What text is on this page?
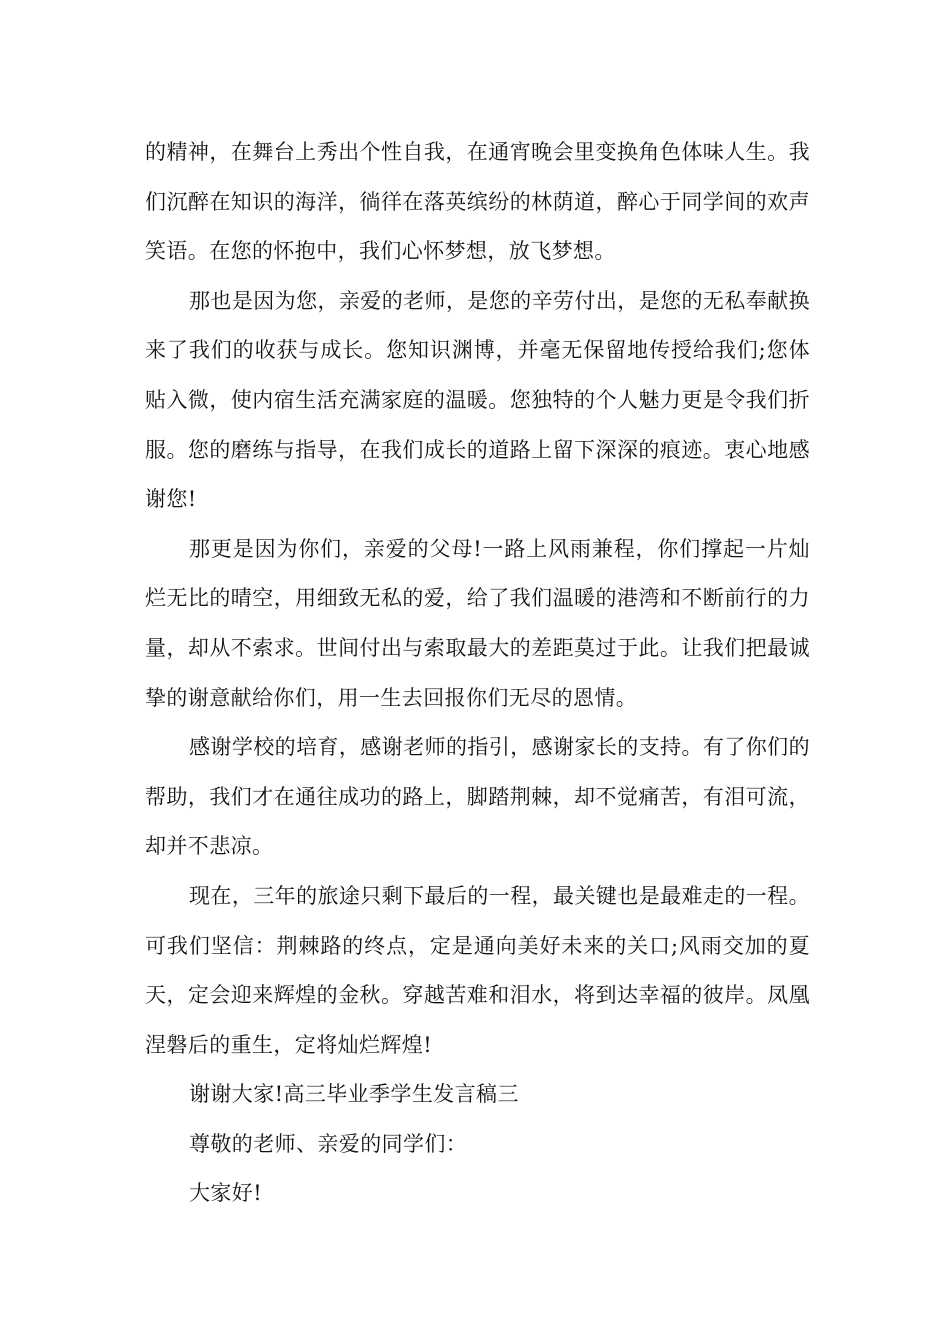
的精神，在舞台上秀出个性自我，在通宵晚会里变换角色体味人生。我们沉醉在知识的海洋，徜徉在落英缤纷的林荫道，醉心于同学间的欢声笑语。在您的怀抱中，我们心怀梦想，放飞梦想。

那也是因为您，亲爱的老师，是您的辛劳付出，是您的无私奉献换来了我们的收获与成长。您知识渊博，并毫无保留地传授给我们;您体贴入微，使内宿生活充满家庭的温暖。您独特的个人魅力更是令我们折服。您的磨练与指导，在我们成长的道路上留下深深的痕迹。衷心地感谢您!

那更是因为你们，亲爱的父母!一路上风雨兼程，你们撑起一片灿烂无比的晴空，用细致无私的爱，给了我们温暖的港湾和不断前行的力量，却从不索求。世间付出与索取最大的差距莫过于此。让我们把最诚挚的谢意献给你们，用一生去回报你们无尽的恩情。

感谢学校的培育，感谢老师的指引，感谢家长的支持。有了你们的帮助，我们才在通往成功的路上，脚踏荆棘，却不觉痛苦，有泪可流，却并不悲凉。

现在，三年的旅途只剩下最后的一程，最关键也是最难走的一程。可我们坚信：荆棘路的终点，定是通向美好未来的关口;风雨交加的夏天，定会迎来辉煌的金秋。穿越苦难和泪水，将到达幸福的彼岸。凤凰涅磐后的重生，定将灿烂辉煌!

谢谢大家!高三毕业季学生发言稿三

尊敬的老师、亲爱的同学们：

大家好!
